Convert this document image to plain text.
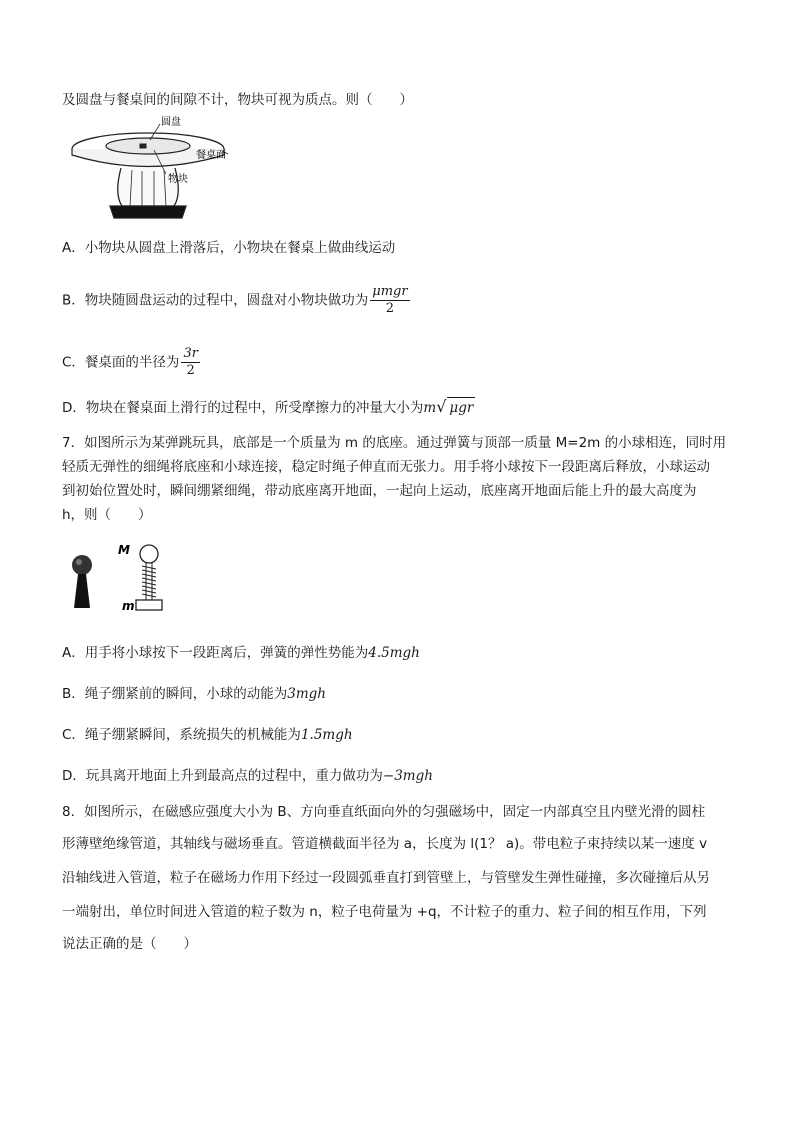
及圆盘与餐桌间的间隙不计，物块可视为质点。则（　　）
圆盘
餐桌面
物块
A．小物块从圆盘上滑落后，小物块在餐桌上做曲线运动
B．物块随圆盘运动的过程中，圆盘对小物块做功为 $\frac{\text{μmgr}}{2}$
C．餐桌面的半径为 $\frac{3r}{2}$
D．物块在餐桌面上滑行的过程中，所受摩擦力的冲量大小为m√ μgr
7．如图所示为某弹跳玩具，底部是一个质量为 m 的底座。通过弹簧与顶部一质量 M=2m 的小球相连，同时用
轻质无弹性的细绳将底座和小球连接，稳定时绳子伸直而无张力。用手将小球按下一段距离后释放，小球运动
到初始位置处时，瞬间绷紧细绳，带动底座离开地面，一起向上运动，底座离开地面后能上升的最大高度为
h，则（　　）
M
m
A．用手将小球按下一段距离后，弹簧的弹性势能为4.5mgh
B．绳子绷紧前的瞬间，小球的动能为3mgh
C．绳子绷紧瞬间，系统损失的机械能为1.5mgh
D．玩具离开地面上升到最高点的过程中，重力做功为−3mgh
8．如图所示，在磁感应强度大小为 B、方向垂直纸面向外的匀强磁场中，固定一内部真空且内壁光滑的圆柱
形薄壁绝缘管道，其轴线与磁场垂直。管道横截面半径为 a，长度为 l(1？ a)。带电粒子束持续以某一速度 v
沿轴线进入管道，粒子在磁场力作用下经过一段圆弧垂直打到管壁上，与管壁发生弹性碰撞，多次碰撞后从另
一端射出，单位时间进入管道的粒子数为 n，粒子电荷量为 +q，不计粒子的重力、粒子间的相互作用，下列
说法正确的是（　　）
